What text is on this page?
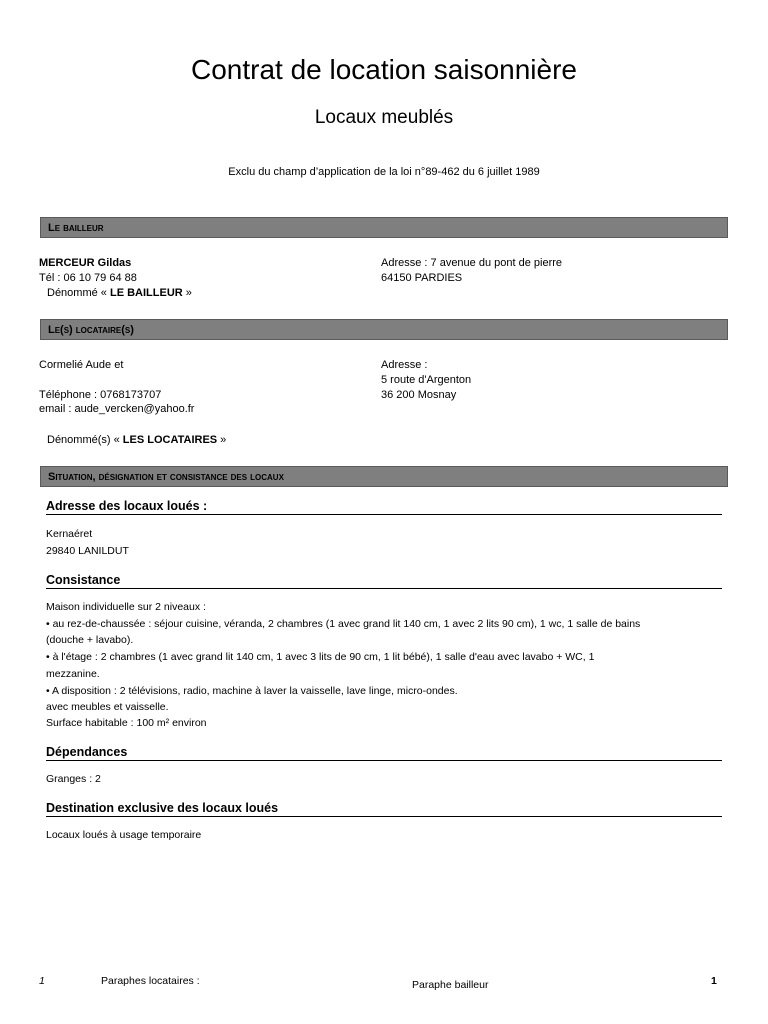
Contrat de location saisonnière
Locaux meublés
Exclu du champ d’application de la loi n°89-462 du 6 juillet 1989
Le bailleur
MERCEUR Gildas
Tél : 06 10 79 64 88
Dénommé « LE BAILLEUR »
Adresse : 7 avenue du pont de pierre
64150 PARDIES
Le(s) locataire(s)
Cormelié Aude et
Téléphone : 0768173707
email : aude_vercken@yahoo.fr
Adresse :
5 route d'Argenton
36 200 Mosnay
Dénommé(s) « LES LOCATAIRES »
Situation, désignation et consistance des locaux
Adresse des locaux loués :
Kernaéret
29840 LANILDUT
Consistance
Maison individuelle sur 2 niveaux :
• au rez-de-chaussée : séjour cuisine, véranda, 2 chambres (1 avec grand lit 140 cm, 1 avec 2 lits 90 cm), 1 wc, 1 salle de bains
(douche + lavabo).
• à l'étage : 2 chambres (1 avec grand lit 140 cm, 1 avec 3 lits de 90 cm, 1 lit bébé), 1 salle d'eau avec lavabo + WC, 1
mezzanine.
• A disposition : 2 télévisions, radio, machine à laver la vaisselle, lave linge, micro-ondes.
avec meubles et vaisselle.
Surface habitable : 100 m² environ
Dépendances
Granges : 2
Destination exclusive des locaux loués
Locaux loués à usage temporaire
1	Paraphes locataires :	Paraphe bailleur	1
